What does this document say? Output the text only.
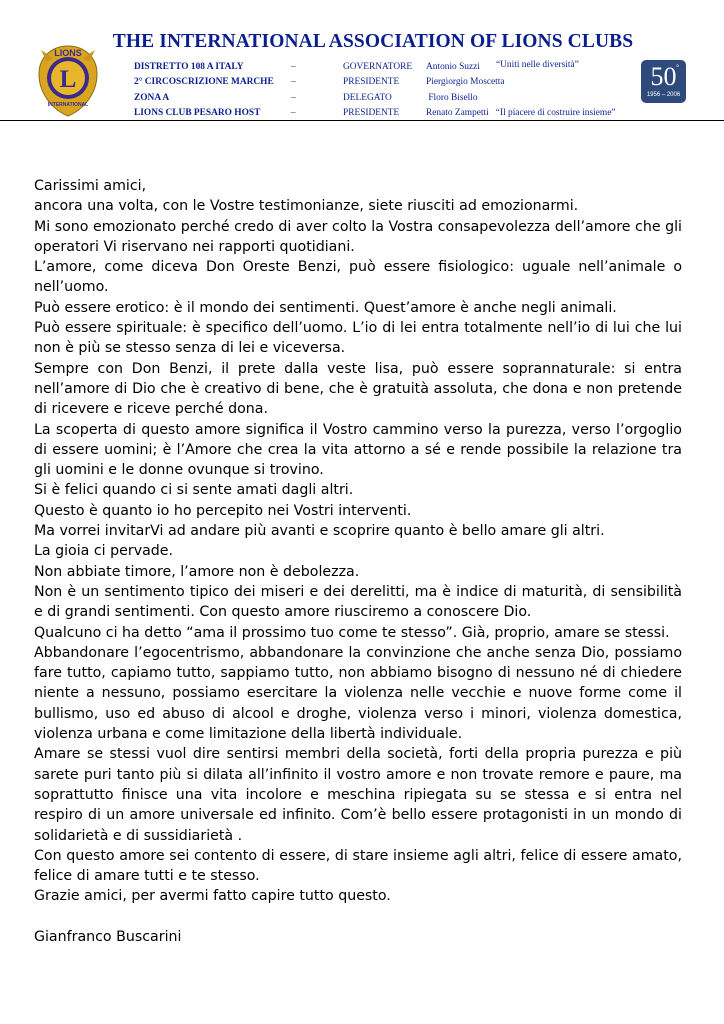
LIONS
L
INTERNATIONAL
THE INTERNATIONAL ASSOCIATION OF LIONS CLUBS
DISTRETTO 108 A ITALY
2° CIRCOSCRIZIONE MARCHE
ZONA A
LIONS CLUB PESARO HOST
–
–
–
–
GOVERNATORE
PRESIDENTE
DELEGATO
PRESIDENTE
Antonio Suzzi
Piergiorgio Moscetta
Floro Bisello
Renato Zampetti “Il piacere di costruire insieme”
“Uniti nelle diversità”	50 °
1956 – 2006

Carissimi amici,

ancora una volta, con le Vostre testimonianze, siete riusciti ad emozionarmi.

Mi sono emozionato perché credo di aver colto la Vostra consapevolezza dell’amore che gli operatori Vi riservano nei rapporti quotidiani.

L’amore, come diceva Don Oreste Benzi, può essere fisiologico: uguale nell’animale o nell’uomo.

Può essere erotico: è il mondo dei sentimenti. Quest’amore è anche negli animali.

Può essere spirituale: è specifico dell’uomo. L’io di lei entra totalmente nell’io di lui che lui non è più se stesso senza di lei e viceversa.

Sempre con Don Benzi, il prete dalla veste lisa, può essere soprannaturale: si entra nell’amore di Dio che è creativo di bene, che è gratuità assoluta, che dona e non pretende di ricevere e riceve perché dona.

La scoperta di questo amore significa il Vostro cammino verso la purezza, verso l’orgoglio di essere uomini; è l’Amore che crea la vita attorno a sé e rende possibile la relazione tra gli uomini e le donne ovunque si trovino.

Si è felici quando ci si sente amati dagli altri.

Questo è quanto io ho percepito nei Vostri interventi.

Ma vorrei invitarVi ad andare più avanti e scoprire quanto è bello amare gli altri.

La gioia ci pervade.

Non abbiate timore, l’amore non è debolezza.

Non è un sentimento tipico dei miseri e dei derelitti, ma è indice di maturità, di sensibilità e di grandi sentimenti. Con questo amore riusciremo a conoscere Dio.

Qualcuno ci ha detto “ama il prossimo tuo come te stesso”. Già, proprio, amare se stessi.

Abbandonare l’egocentrismo, abbandonare la convinzione che anche senza Dio, possiamo fare tutto, capiamo tutto, sappiamo tutto, non abbiamo bisogno di nessuno né di chiedere niente a nessuno, possiamo esercitare la violenza nelle vecchie e nuove forme come il bullismo, uso ed abuso di alcool e droghe, violenza verso i minori, violenza domestica, violenza urbana e come limitazione della libertà individuale.

Amare se stessi vuol dire sentirsi membri della società, forti della propria purezza e più sarete puri tanto più si dilata all’infinito il vostro amore e non trovate remore e paure, ma soprattutto finisce una vita incolore e meschina ripiegata su se stessa e si entra nel respiro di un amore universale ed infinito. Com’è bello essere protagonisti in un mondo di solidarietà e di sussidiarietà .

Con questo amore sei contento di essere, di stare insieme agli altri, felice di essere amato, felice di amare tutti e te stesso.

Grazie amici, per avermi fatto capire tutto questo.

Gianfranco Buscarini
